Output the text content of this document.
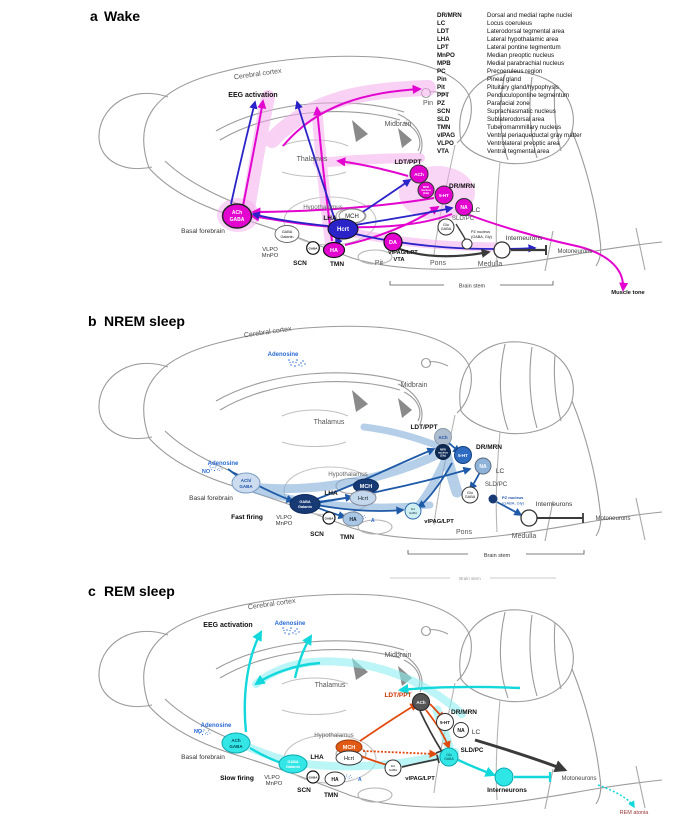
a Wake
ACh
GABA
GABA
Galanin
GABA HA
MCH
Hcrt
DA
ACh
MPB
nucleus
(Glu) 5-HT
NA
Glu
GABA
Cerebral cortex
EEG activation
Pin
Midbrain
Thalamus	LDT/PPT
DR/MRN
LC
SLD/PC
PZ nucleus
(GABA, Gly) Interneurons
Motoneurons
Muscle tone
Pons	Medulla
Pit
vlPAG/LPT
VTA
TMN
SCN
VLPO
MnPO
Basal forebrain
Hypothalamus
LHA
Brain stem
b NREM sleep
ACh/
GABA
GABA
Galanin
MCH
Hcrt
HA
GABA
ACh
MPB
nucleus
(Glu)	5-HT
NA
Glu
GABA
DA
GABA
Cerebral cortex
Adenosine
Midbrain
Thalamus
LDT/PPT
DR/MRN
LC
SLD/PC
PZ nucleus
(GABA, Gly) Interneurons
Motoneurons
vlPAG/LPT
Pons
Medulla
TMN
SCN
VLPO
MnPO
Basal forebrain
Fast firing
Hypothalamus
LHA
Adenosine
NO
A
Brain stem
c REM sleep
Brain stem
ACh
GABA
GABA
Galanin
MCH
Hcrt
HA
GABA
ACh
5-HT
NA
Glu
GABA
DA
GABA
Cerebral cortex
EEG activation	Adenosine
Midbrain
Thalamus
LDT/PPT
DR/MRN
LC
SLD/PC
Interneurons
Motoneurons
REM atonia
vlPAG/LPT
TMN
SCN
VLPO
MnPO
Basal forebrain
Slow firing
Hypothalamus
LHA
Adenosine
NO
A
DR/MRN	Dorsal and medial raphe nuclei
LC	Locus coeruleus
LDT	Laterodorsal tegmental area
LHA	Lateral hypothalamic area
LPT	Lateral pontine tegmentum
MnPO	Median preoptic nucleus
MPB	Medial parabrachial nucleus
PC	Precoeruleus region
Pin	Pineal gland
Pit	Pituitary gland/hypophysis
PPT	Penduculopontine tegmentum
PZ	Parafacial zone
SCN	Suprachiasmatic nucleus
SLD	Sublaterodorsal area
TMN	Tuberomammillary nucleus
vlPAG	Ventral periaqueductal gray matter
VLPO	Ventrolateral preoptic area
VTA	Ventral tegmental area
